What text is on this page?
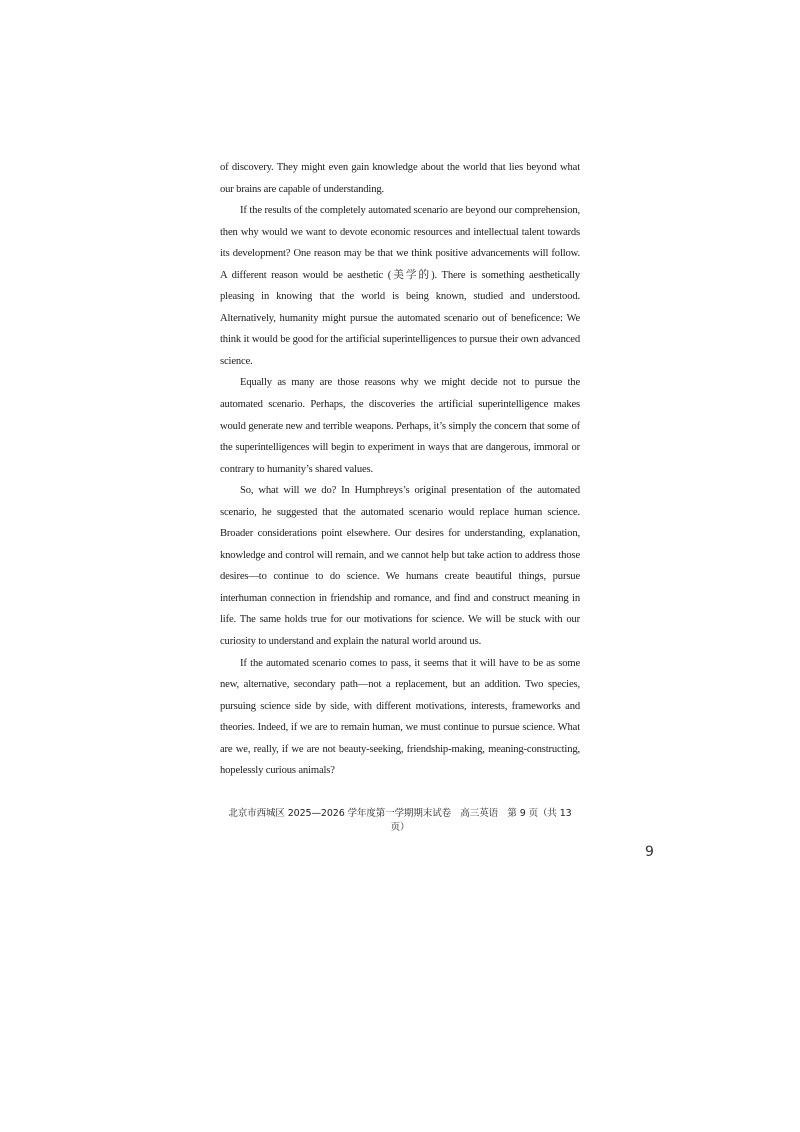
of discovery. They might even gain knowledge about the world that lies beyond what our brains are capable of understanding.

If the results of the completely automated scenario are beyond our comprehension, then why would we want to devote economic resources and intellectual talent towards its development? One reason may be that we think positive advancements will follow. A different reason would be aesthetic (美学的). There is something aesthetically pleasing in knowing that the world is being known, studied and understood. Alternatively, humanity might pursue the automated scenario out of beneficence: We think it would be good for the artificial superintelligences to pursue their own advanced science.

Equally as many are those reasons why we might decide not to pursue the automated scenario. Perhaps, the discoveries the artificial superintelligence makes would generate new and terrible weapons. Perhaps, it’s simply the concern that some of the superintelligences will begin to experiment in ways that are dangerous, immoral or contrary to humanity’s shared values.

So, what will we do? In Humphreys’s original presentation of the automated scenario, he suggested that the automated scenario would replace human science. Broader considerations point elsewhere. Our desires for understanding, explanation, knowledge and control will remain, and we cannot help but take action to address those desires—to continue to do science. We humans create beautiful things, pursue interhuman connection in friendship and romance, and find and construct meaning in life. The same holds true for our motivations for science. We will be stuck with our curiosity to understand and explain the natural world around us.

If the automated scenario comes to pass, it seems that it will have to be as some new, alternative, secondary path—not a replacement, but an addition. Two species, pursuing science side by side, with different motivations, interests, frameworks and theories. Indeed, if we are to remain human, we must continue to pursue science. What are we, really, if we are not beauty-seeking, friendship-making, meaning-constructing, hopelessly curious animals?

北京市西城区 2025—2026 学年度第一学期期末试卷　高三英语　第 9 页（共 13 页）
9
